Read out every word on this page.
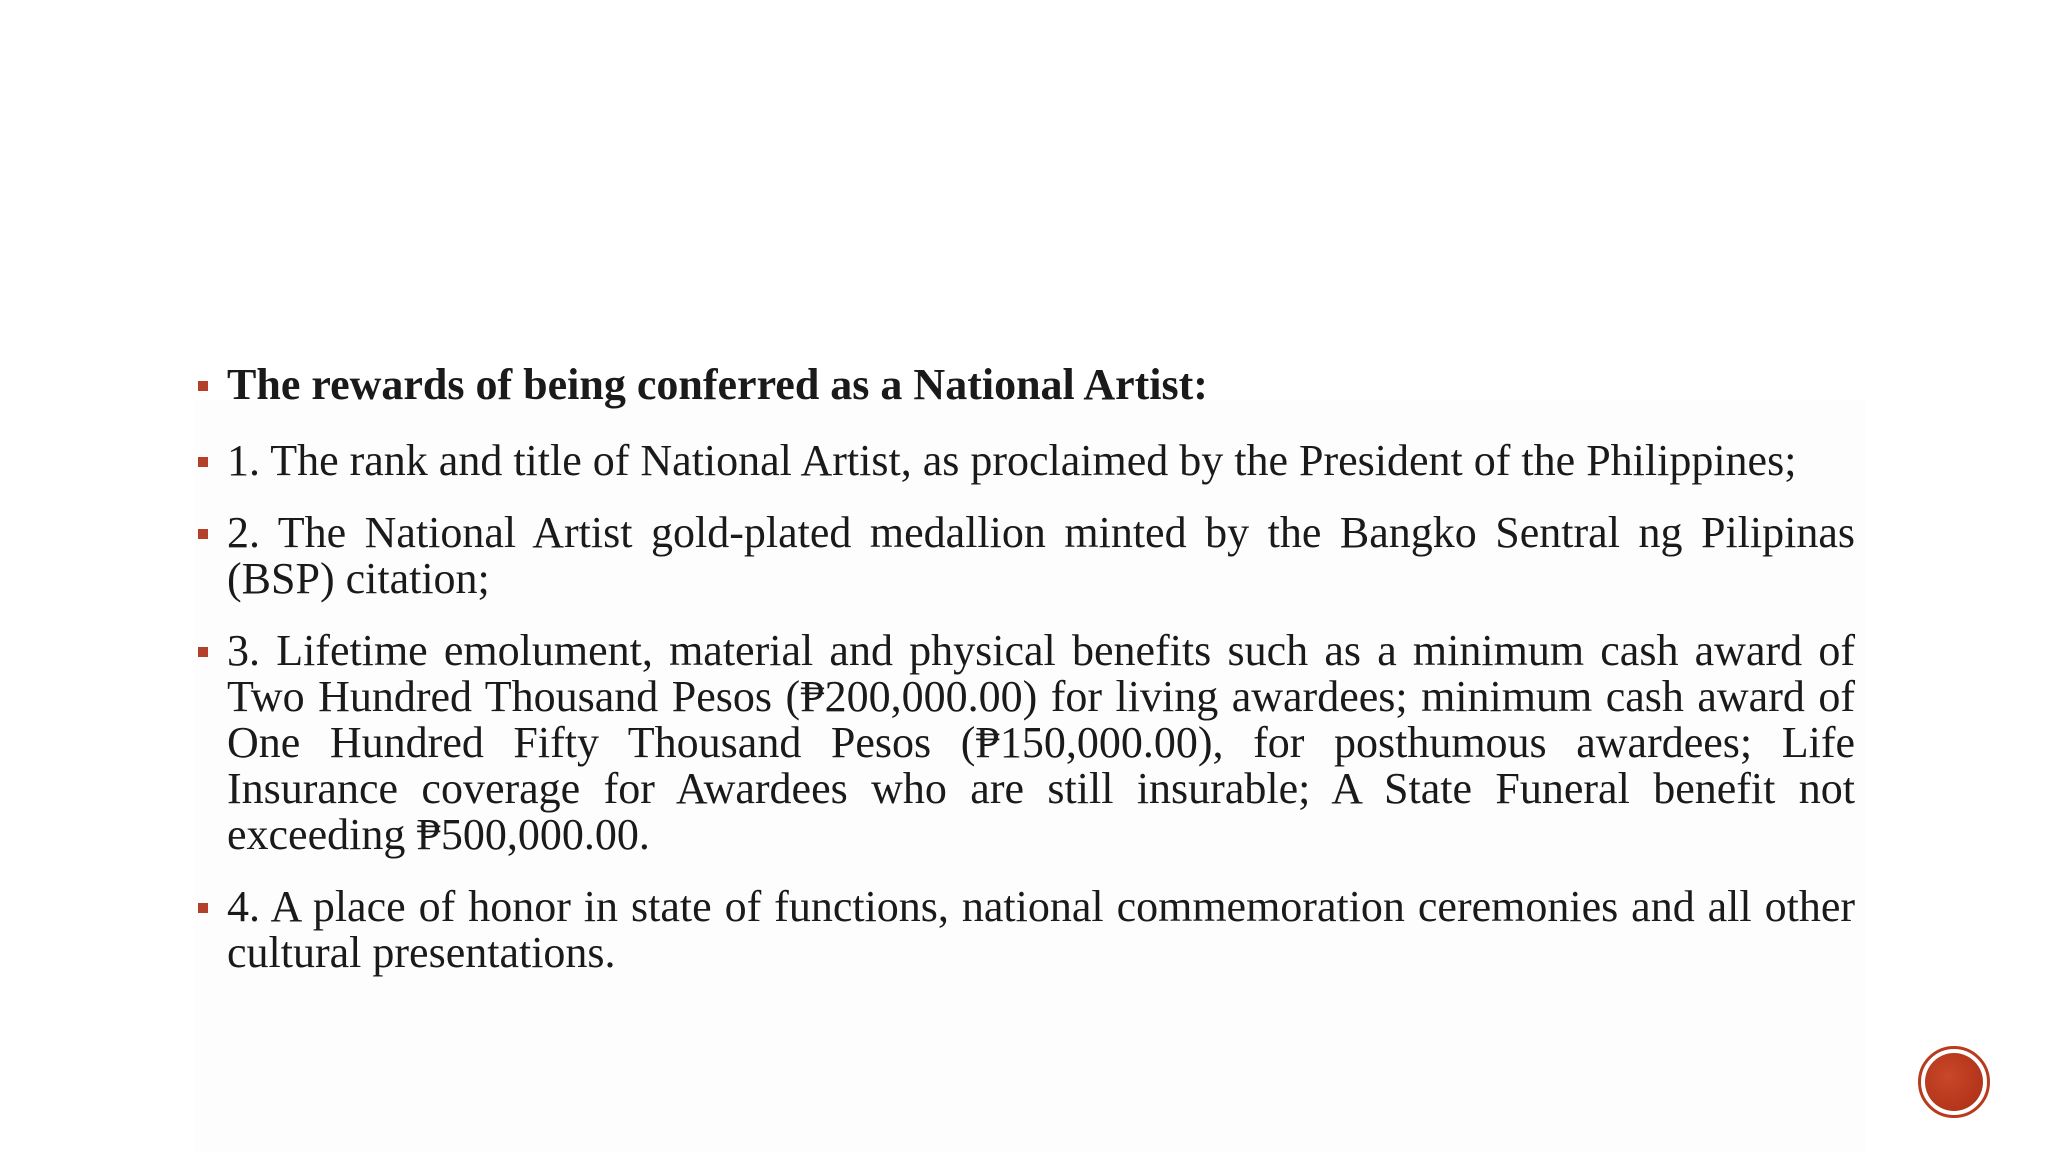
The rewards of being conferred as a National Artist:
1. The rank and title of National Artist, as proclaimed by the President of the Philippines;
2. The National Artist gold-plated medallion minted by the Bangko Sentral ng Pilipinas (BSP) citation;
3. Lifetime emolument, material and physical benefits such as a minimum cash award of Two Hundred Thousand Pesos (₱200,000.00) for living awardees; minimum cash award of One Hundred Fifty Thousand Pesos (₱150,000.00), for posthumous awardees; Life Insurance coverage for Awardees who are still insurable; A State Funeral benefit not exceeding ₱500,000.00.
4. A place of honor in state of functions, national commemoration ceremonies and all other cultural presentations.
